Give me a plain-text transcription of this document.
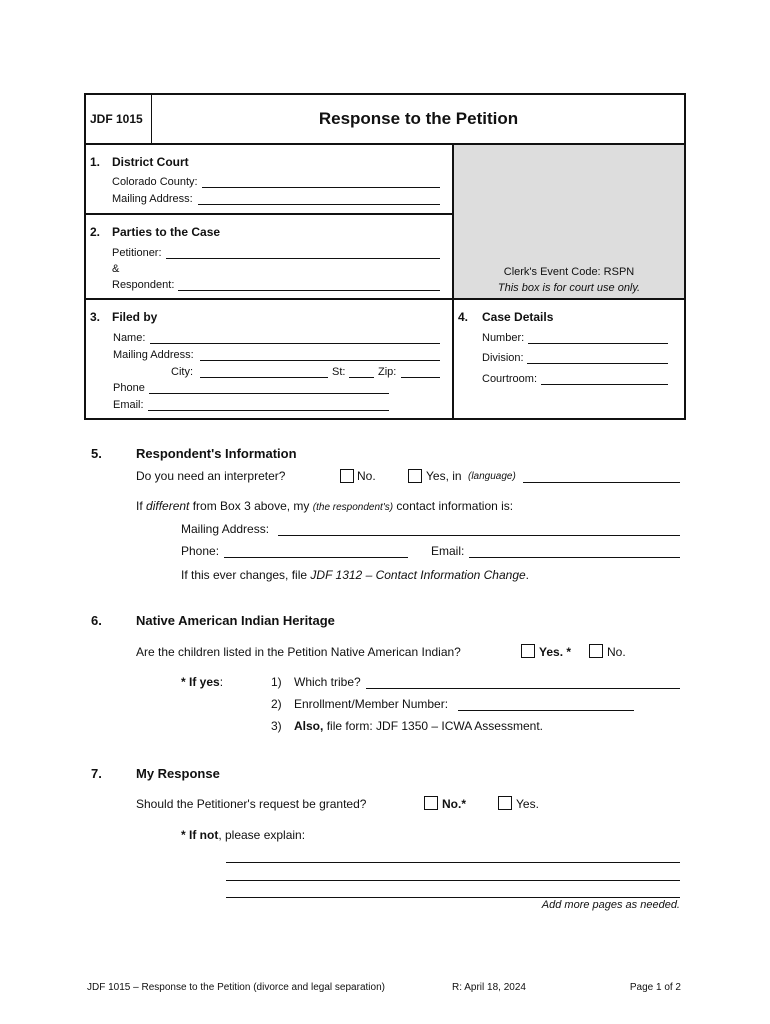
JDF 1015	Response to the Petition
Clerk's Event Code: RSPN
This box is for court use only.
1. District Court
Colorado County:
Mailing Address:
2. Parties to the Case
Petitioner:
&
Respondent:
3. Filed by
Name:
Mailing Address:
City:	St:	Zip:
Phone
Email:
4. Case Details
Number:
Division:
Courtroom:
5.	Respondent's Information
Do you need an interpreter?	No.	Yes, in (language)
If different from Box 3 above, my (the respondent's) contact information is:
Mailing Address:
Phone:	Email:
If this ever changes, file JDF 1312 – Contact Information Change.
6.	Native American Indian Heritage
Are the children listed in the Petition Native American Indian?	Yes. *	No.
* If yes:	1) Which tribe?
2) Enrollment/Member Number:
3) Also, file form: JDF 1350 – ICWA Assessment.
7.	My Response
Should the Petitioner's request be granted?	No.*	Yes.
* If not, please explain:
Add more pages as needed.
JDF 1015 – Response to the Petition (divorce and legal separation)	R: April 18, 2024	Page 1 of 2
